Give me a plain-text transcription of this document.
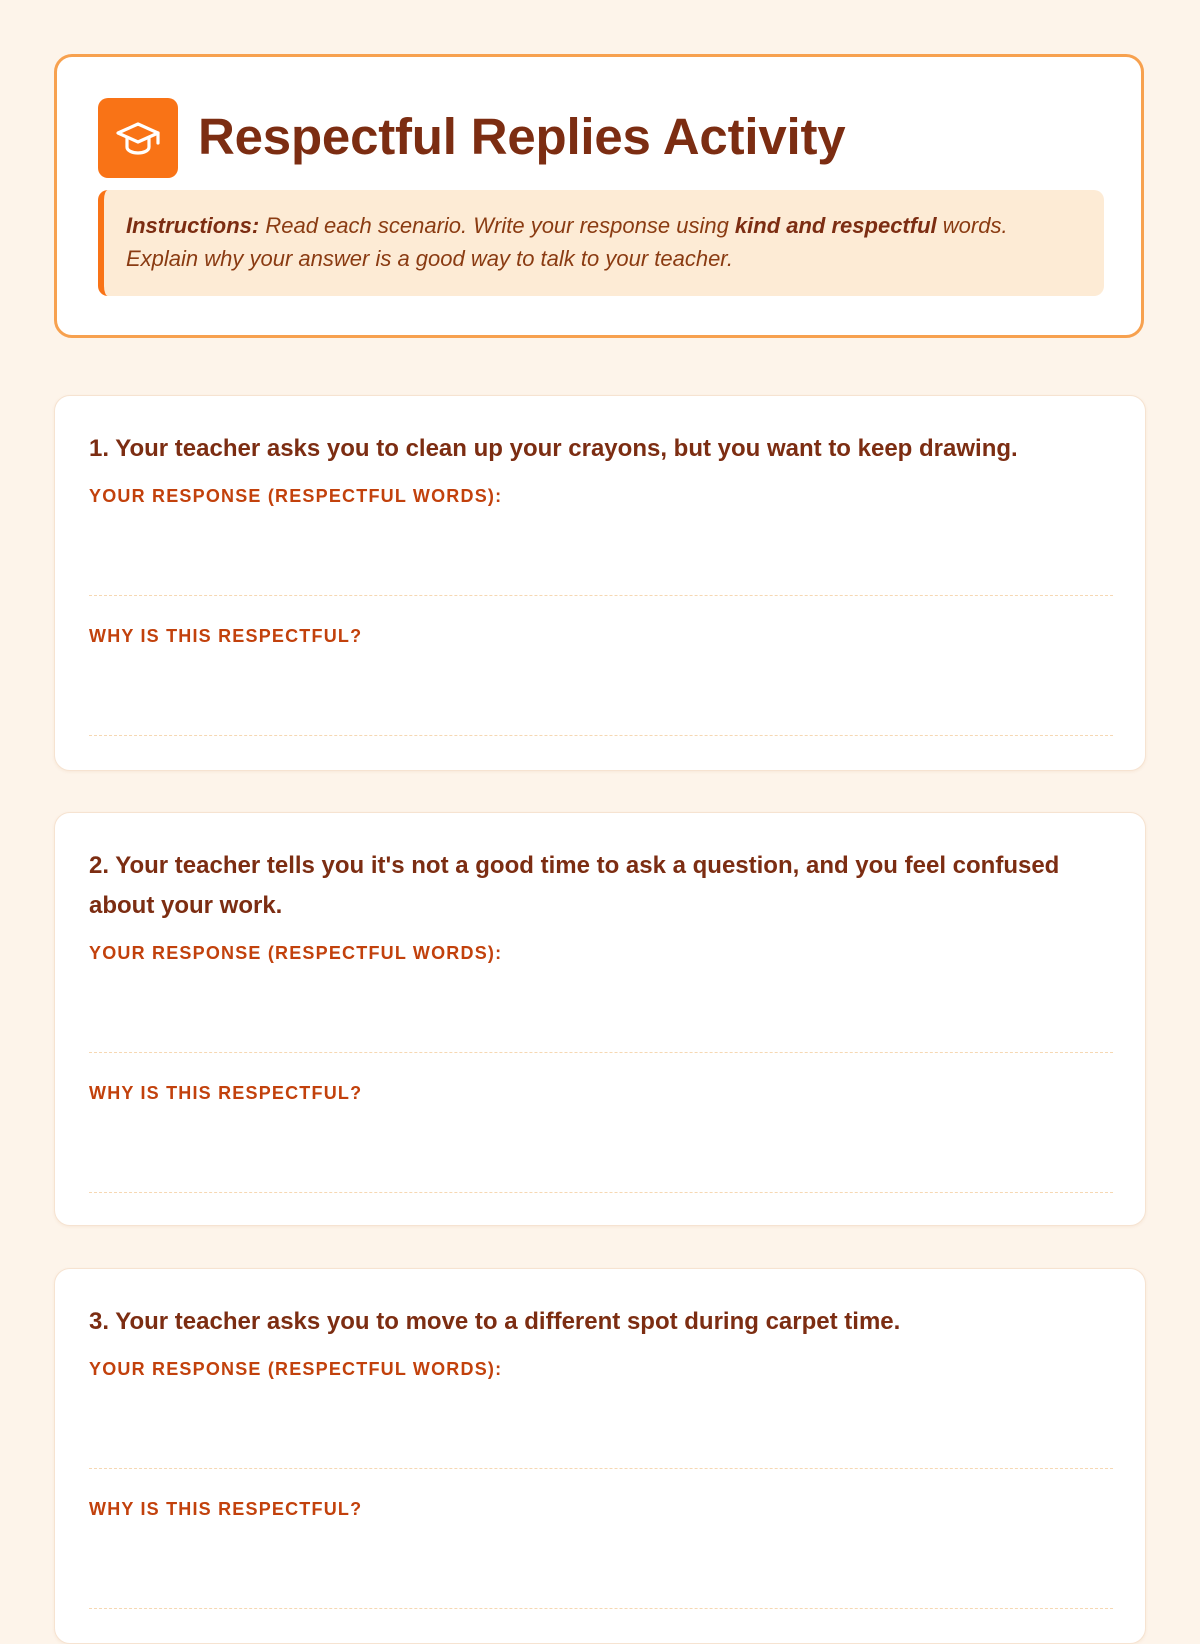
Respectful Replies Activity
Instructions: Read each scenario. Write your response using kind and respectful words. Explain why your answer is a good way to talk to your teacher.

1. Your teacher asks you to clean up your crayons, but you want to keep drawing.

YOUR RESPONSE (RESPECTFUL WORDS):
WHY IS THIS RESPECTFUL?

2. Your teacher tells you it's not a good time to ask a question, and you feel confused about your work.

YOUR RESPONSE (RESPECTFUL WORDS):
WHY IS THIS RESPECTFUL?

3. Your teacher asks you to move to a different spot during carpet time.

YOUR RESPONSE (RESPECTFUL WORDS):
WHY IS THIS RESPECTFUL?
